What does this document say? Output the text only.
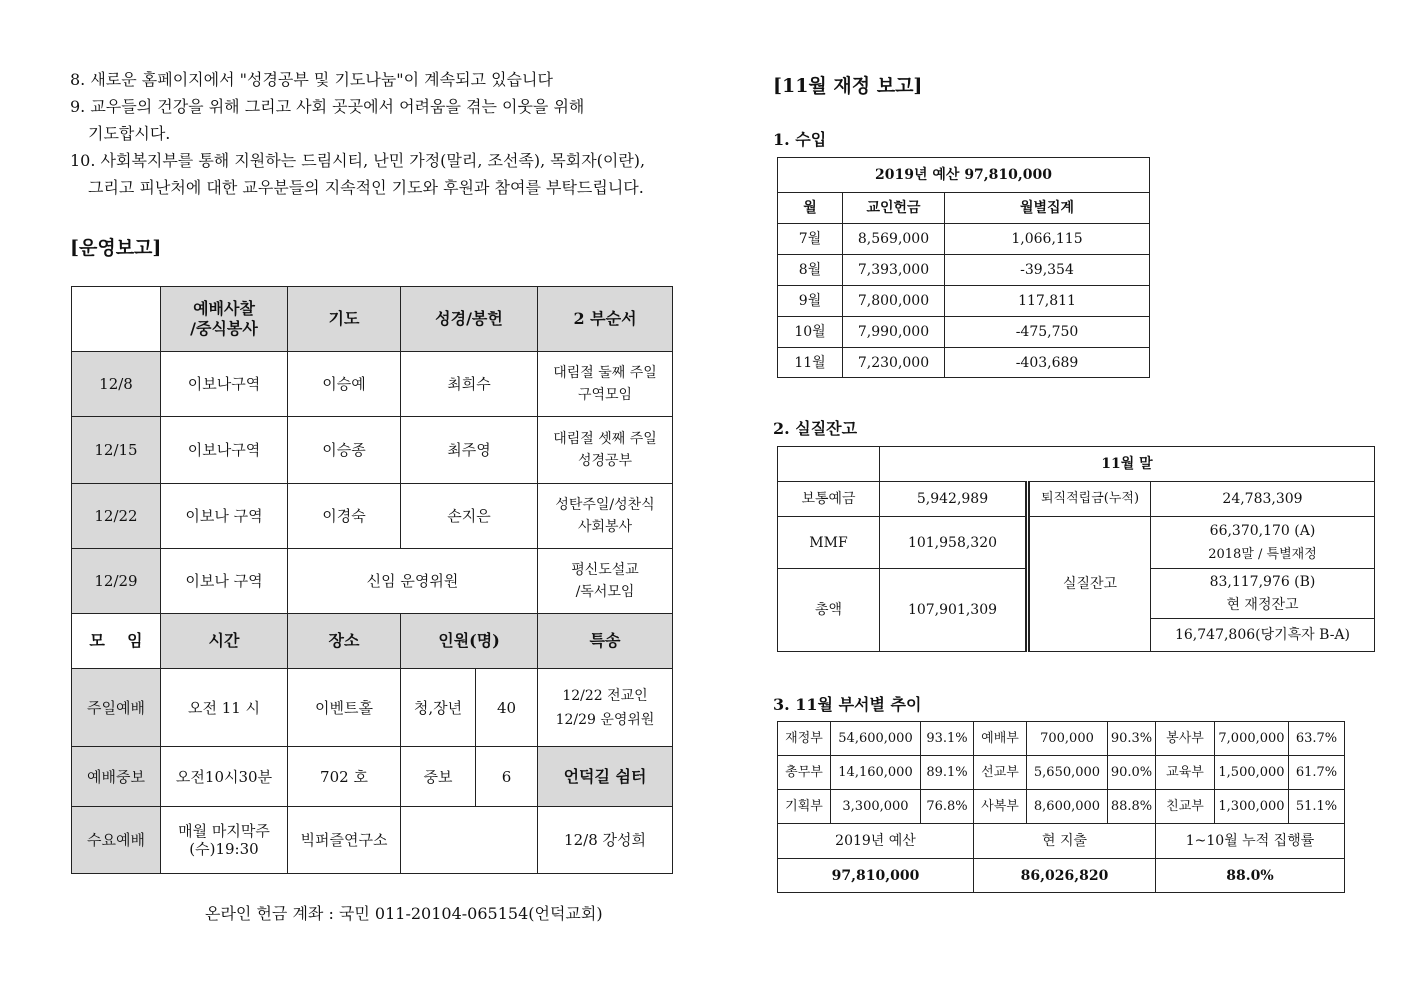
8. 새로운 홈페이지에서 "성경공부 및 기도나눔"이 계속되고 있습니다
9. 교우들의 건강을 위해 그리고 사회 곳곳에서 어려움을 겪는 이웃을 위해
기도합시다.
10. 사회복지부를 통해 지원하는 드림시티, 난민 가정(말리, 조선족), 목회자(이란),
그리고 피난처에 대한 교우분들의 지속적인 기도와 후원과 참여를 부탁드립니다.
[운영보고]

	예배사찰
/중식봉사	기도	성경/봉헌		2 부순서
12/8	이보나구역	이승예	최희수		대림절 둘째 주일
구역모임

12/15	이보나구역	이승종	최주영		대림절 셋째 주일
성경공부

12/22	이보나 구역	이경숙	손지은		성탄주일/성찬식
사회봉사

12/29	이보나 구역	신임 운영위원			평신도설교
/독서모임

모    임	시간	장소	인원(명)		특송
주일예배	오전 11 시	이벤트홀	청,장년	40	12/22 전교인
12/29 운영위원

예배중보	오전10시30분	702 호	중보	6	언덕길 쉼터
수요예배	매월 마지막주
(수)19:30	빅퍼즐연구소			12/8 강성희
온라인 헌금 계좌 : 국민 011-20104-065154(언덕교회)
[11월 재정 보고]
1. 수입
2019년 예산 97,810,000		
월	교인헌금	월별집계
7월	8,569,000	1,066,115
8월	7,393,000	-39,354
9월	7,800,000	117,811
10월	7,990,000	-475,750
11월	7,230,000	-403,689
2. 실질잔고
	11월 말		
보통예금	5,942,989	퇴직적립금(누적)	24,783,309
MMF	101,958,320	실질잔고	66,370,170 (A)
2018말 / 특별재정

총액	107,901,309		83,117,976 (B)
현 재정잔고

			16,747,806(당기흑자 B-A)
3. 11월 부서별 추이
재정부	54,600,000	93.1%	예배부	700,000	90.3%	봉사부	7,000,000	63.7%
총무부	14,160,000	89.1%	선교부	5,650,000	90.0%	교육부	1,500,000	61.7%
기획부	3,300,000	76.8%	사복부	8,600,000	88.8%	친교부	1,300,000	51.1%
2019년 예산			현 지출			1~10월 누적 집행률		
97,810,000			86,026,820			88.0%		
